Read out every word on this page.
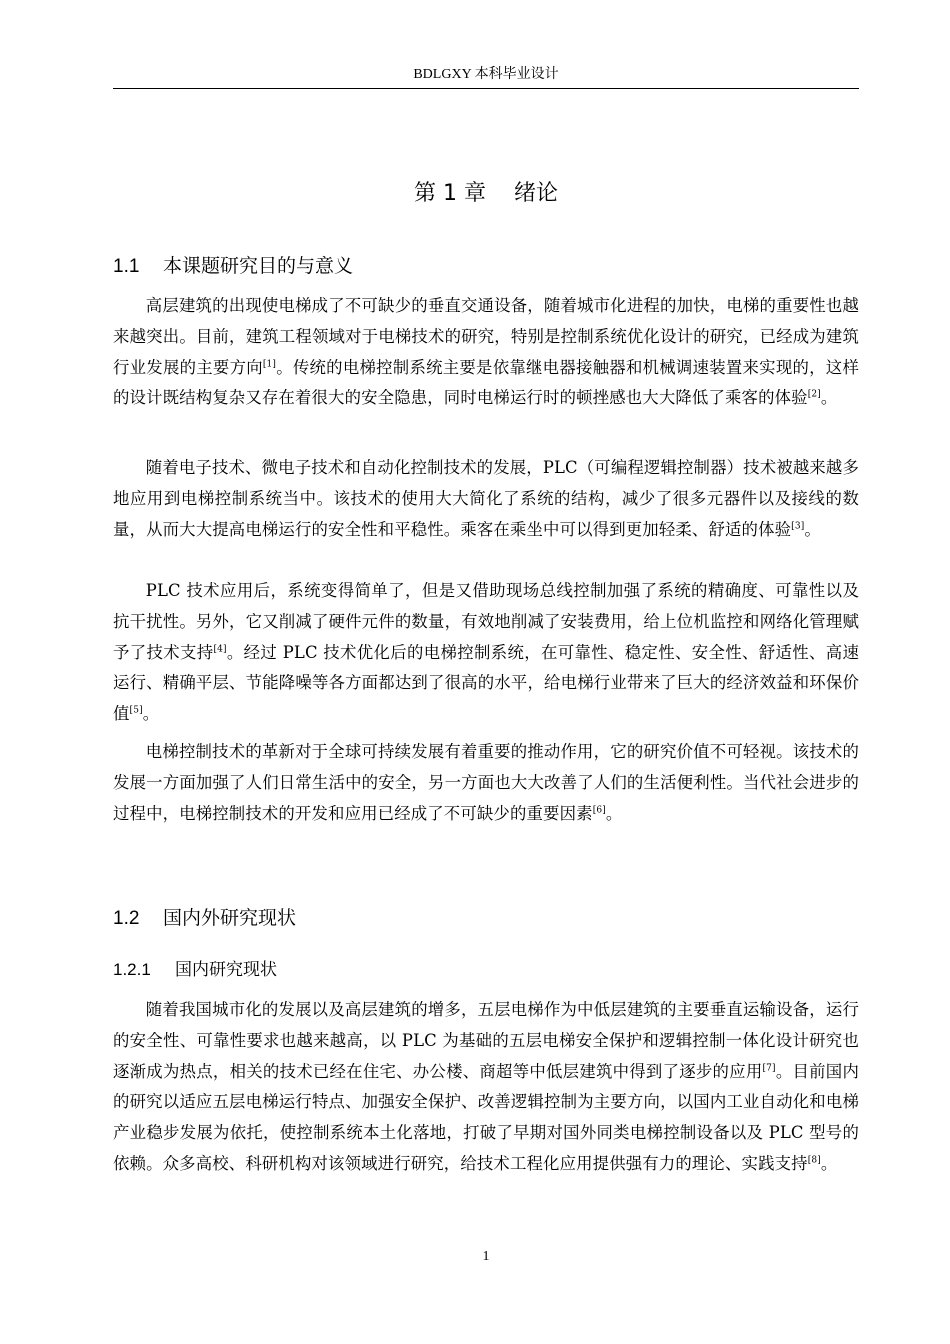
BDLGXY 本科毕业设计
第 1 章 绪论
1.1 本课题研究目的与意义
高层建筑的出现使电梯成了不可缺少的垂直交通设备，随着城市化进程的加快，电梯的重要性也越来越突出。目前，建筑工程领域对于电梯技术的研究，特别是控制系统优化设计的研究，已经成为建筑行业发展的主要方向[1]。传统的电梯控制系统主要是依靠继电器接触器和机械调速装置来实现的，这样的设计既结构复杂又存在着很大的安全隐患，同时电梯运行时的顿挫感也大大降低了乘客的体验[2]。
随着电子技术、微电子技术和自动化控制技术的发展，PLC（可编程逻辑控制器）技术被越来越多地应用到电梯控制系统当中。该技术的使用大大简化了系统的结构，减少了很多元器件以及接线的数量，从而大大提高电梯运行的安全性和平稳性。乘客在乘坐中可以得到更加轻柔、舒适的体验[3]。
PLC 技术应用后，系统变得简单了，但是又借助现场总线控制加强了系统的精确度、可靠性以及抗干扰性。另外，它又削减了硬件元件的数量，有效地削减了安装费用，给上位机监控和网络化管理赋予了技术支持[4]。经过 PLC 技术优化后的电梯控制系统，在可靠性、稳定性、安全性、舒适性、高速运行、精确平层、节能降噪等各方面都达到了很高的水平，给电梯行业带来了巨大的经济效益和环保价值[5]。
电梯控制技术的革新对于全球可持续发展有着重要的推动作用，它的研究价值不可轻视。该技术的发展一方面加强了人们日常生活中的安全，另一方面也大大改善了人们的生活便利性。当代社会进步的过程中，电梯控制技术的开发和应用已经成了不可缺少的重要因素[6]。
1.2 国内外研究现状
1.2.1 国内研究现状
随着我国城市化的发展以及高层建筑的增多，五层电梯作为中低层建筑的主要垂直运输设备，运行的安全性、可靠性要求也越来越高，以 PLC 为基础的五层电梯安全保护和逻辑控制一体化设计研究也逐渐成为热点，相关的技术已经在住宅、办公楼、商超等中低层建筑中得到了逐步的应用[7]。目前国内的研究以适应五层电梯运行特点、加强安全保护、改善逻辑控制为主要方向，以国内工业自动化和电梯产业稳步发展为依托，使控制系统本土化落地，打破了早期对国外同类电梯控制设备以及 PLC 型号的依赖。众多高校、科研机构对该领域进行研究，给技术工程化应用提供强有力的理论、实践支持[8]。
1
